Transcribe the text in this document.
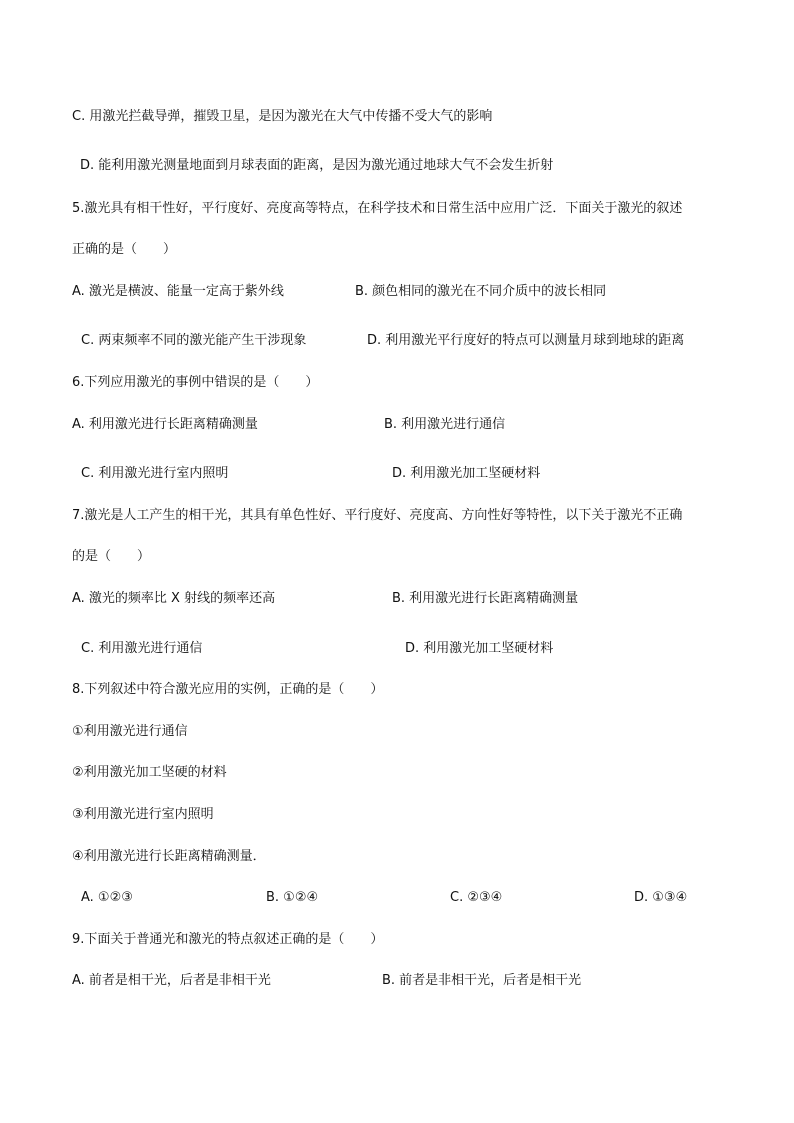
C. 用激光拦截导弹，摧毁卫星，是因为激光在大气中传播不受大气的影响
D. 能利用激光测量地面到月球表面的距离，是因为激光通过地球大气不会发生折射
5.激光具有相干性好，平行度好、亮度高等特点，在科学技术和日常生活中应用广泛．下面关于激光的叙述
正确的是（　　）
A. 激光是横波、能量一定高于紫外线	B. 颜色相同的激光在不同介质中的波长相同
C. 两束频率不同的激光能产生干涉现象	D. 利用激光平行度好的特点可以测量月球到地球的距离
6.下列应用激光的事例中错误的是（　　）
A. 利用激光进行长距离精确测量	B. 利用激光进行通信
C. 利用激光进行室内照明	D. 利用激光加工坚硬材料
7.激光是人工产生的相干光，其具有单色性好、平行度好、亮度高、方向性好等特性，以下关于激光不正确
的是（　　）
A. 激光的频率比 X 射线的频率还高	B. 利用激光进行长距离精确测量
C. 利用激光进行通信	D. 利用激光加工坚硬材料
8.下列叙述中符合激光应用的实例，正确的是（　　）
①利用激光进行通信
②利用激光加工坚硬的材料
③利用激光进行室内照明
④利用激光进行长距离精确测量．
A. ①②③	B. ①②④	C. ②③④	D. ①③④
9.下面关于普通光和激光的特点叙述正确的是（　　）
A. 前者是相干光，后者是非相干光	B. 前者是非相干光，后者是相干光
